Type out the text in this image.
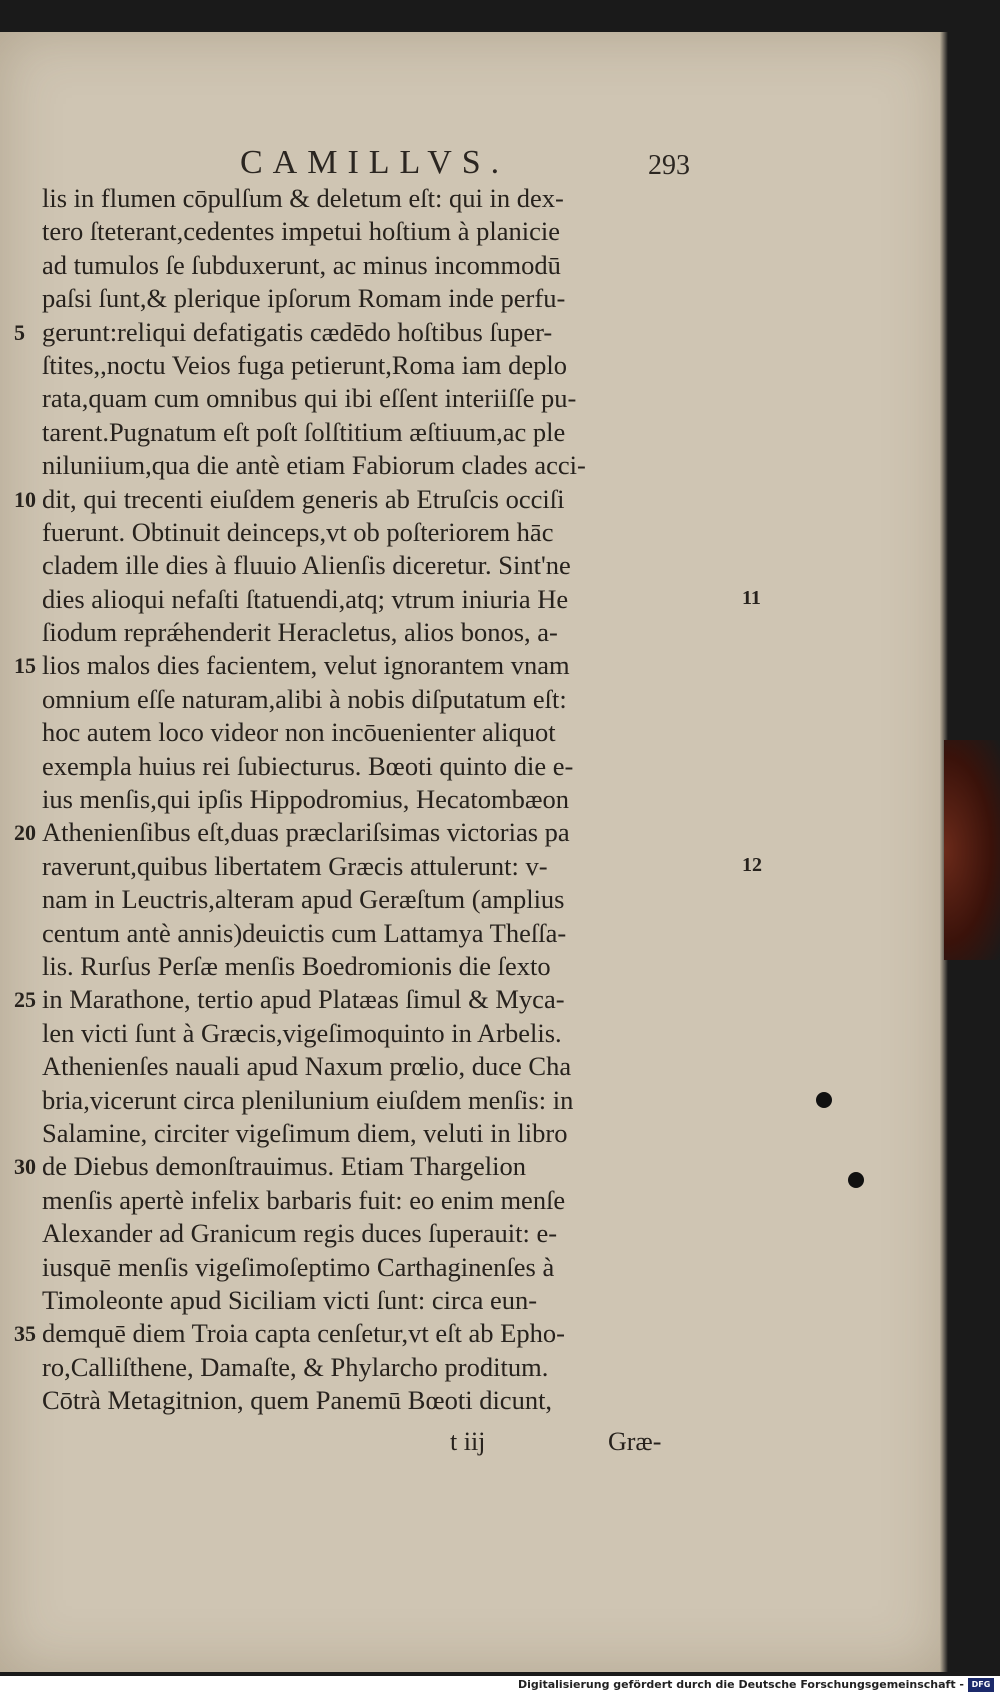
CAMILLVS.	293
lis in flumen cōpulſum & deletum eſt: qui in dex-
tero ſteterant,cedentes impetui hoſtium à planicie
ad tumulos ſe ſubduxerunt, ac minus incommodū
paſsi ſunt,& plerique ipſorum Romam inde perfu-
gerunt:reliqui defatigatis cædēdo hoſtibus ſuper-
5
ſtites,,noctu Veios fuga petierunt,Roma iam deplo
rata,quam cum omnibus qui ibi eſſent interiiſſe pu-
tarent.Pugnatum eſt poſt ſolſtitium æſtiuum,ac ple
niluniium,qua die antè etiam Fabiorum clades acci-
dit, qui trecenti eiuſdem generis ab Etruſcis occiſi
10
fuerunt. Obtinuit deinceps,vt ob poſteriorem hāc
cladem ille dies à fluuio Alienſis diceretur. Sint'ne
dies alioqui nefaſti ſtatuendi,atq; vtrum iniuria He
ſiodum reprǽhenderit Heracletus, alios bonos, a-
lios malos dies facientem, velut ignorantem vnam
15
omnium eſſe naturam,alibi à nobis diſputatum eſt:
hoc autem loco videor non incōuenienter aliquot
exempla huius rei ſubiecturus. Bœoti quinto die e-
ius menſis,qui ipſis Hippodromius, Hecatombæon
Athenienſibus eſt,duas præclariſsimas victorias pa
20
raverunt,quibus libertatem Græcis attulerunt: v-
nam in Leuctris,alteram apud Geræſtum (amplius
centum antè annis)deuictis cum Lattamya Theſſa-
lis. Rurſus Perſæ menſis Boedromionis die ſexto
in Marathone, tertio apud Platæas ſimul & Myca-
25
len victi ſunt à Græcis,vigeſimoquinto in Arbelis.
Athenienſes nauali apud Naxum prœlio, duce Cha
bria,vicerunt circa plenilunium eiuſdem menſis: in
Salamine, circiter vigeſimum diem, veluti in libro
de Diebus demonſtrauimus. Etiam Thargelion
30
menſis apertè infelix barbaris fuit: eo enim menſe
Alexander ad Granicum regis duces ſuperauit: e-
iusquē menſis vigeſimoſeptimo Carthaginenſes à
Timoleonte apud Siciliam victi ſunt: circa eun-
demquē diem Troia capta cenſetur,vt eſt ab Epho-
35
ro,Calliſthene, Damaſte, & Phylarcho proditum.
Cōtrà Metagitnion, quem Panemū Bœoti dicunt,
11
12
t iij	Græ-
Digitalisierung gefördert durch die Deutsche Forschungsgemeinschaft - DFG
